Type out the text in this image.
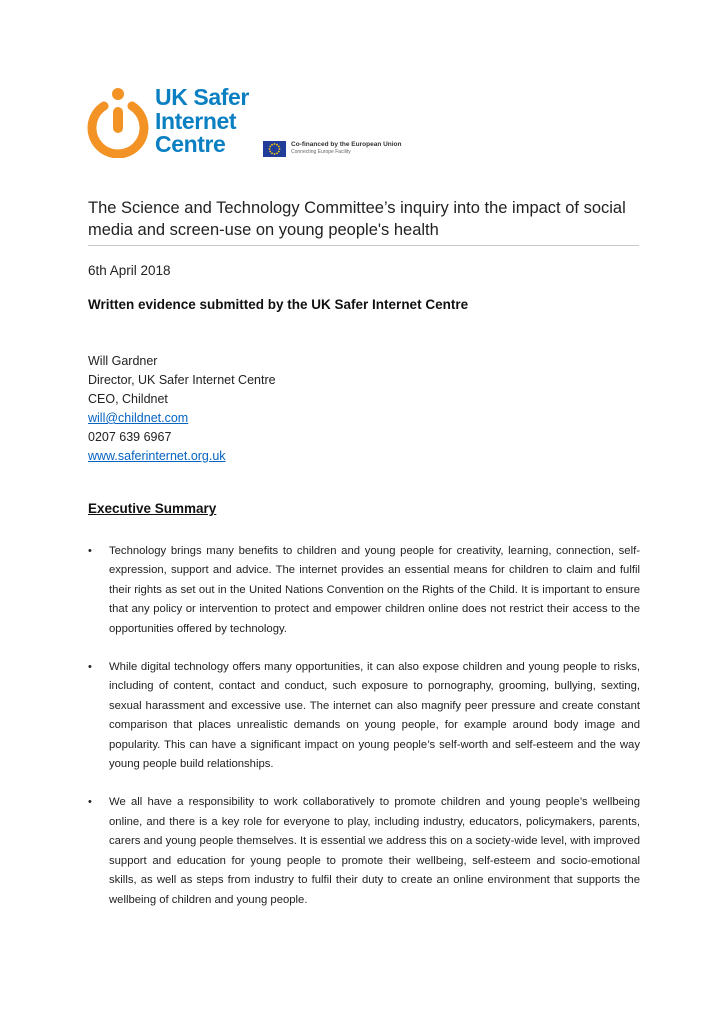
UK Safer
Internet
Centre	Co-financed by the European Union
Connecting Europe Facility
The Science and Technology Committee’s inquiry into the impact of social media and screen-use on young people's health
6th April 2018
Written evidence submitted by the UK Safer Internet Centre
Will Gardner
Director, UK Safer Internet Centre
CEO, Childnet
will@childnet.com
0207 639 6967
www.saferinternet.org.uk
Executive Summary
• Technology brings many benefits to children and young people for creativity, learning, connection, self-expression, support and advice. The internet provides an essential means for children to claim and fulfil their rights as set out in the United Nations Convention on the Rights of the Child. It is important to ensure that any policy or intervention to protect and empower children online does not restrict their access to the opportunities offered by technology.
• While digital technology offers many opportunities, it can also expose children and young people to risks, including of content, contact and conduct, such exposure to pornography, grooming, bullying, sexting, sexual harassment and excessive use. The internet can also magnify peer pressure and create constant comparison that places unrealistic demands on young people, for example around body image and popularity. This can have a significant impact on young people’s self-worth and self-esteem and the way young people build relationships.
• We all have a responsibility to work collaboratively to promote children and young people’s wellbeing online, and there is a key role for everyone to play, including industry, educators, policymakers, parents, carers and young people themselves. It is essential we address this on a society-wide level, with improved support and education for young people to promote their wellbeing, self-esteem and socio-emotional skills, as well as steps from industry to fulfil their duty to create an online environment that supports the wellbeing of children and young people.
